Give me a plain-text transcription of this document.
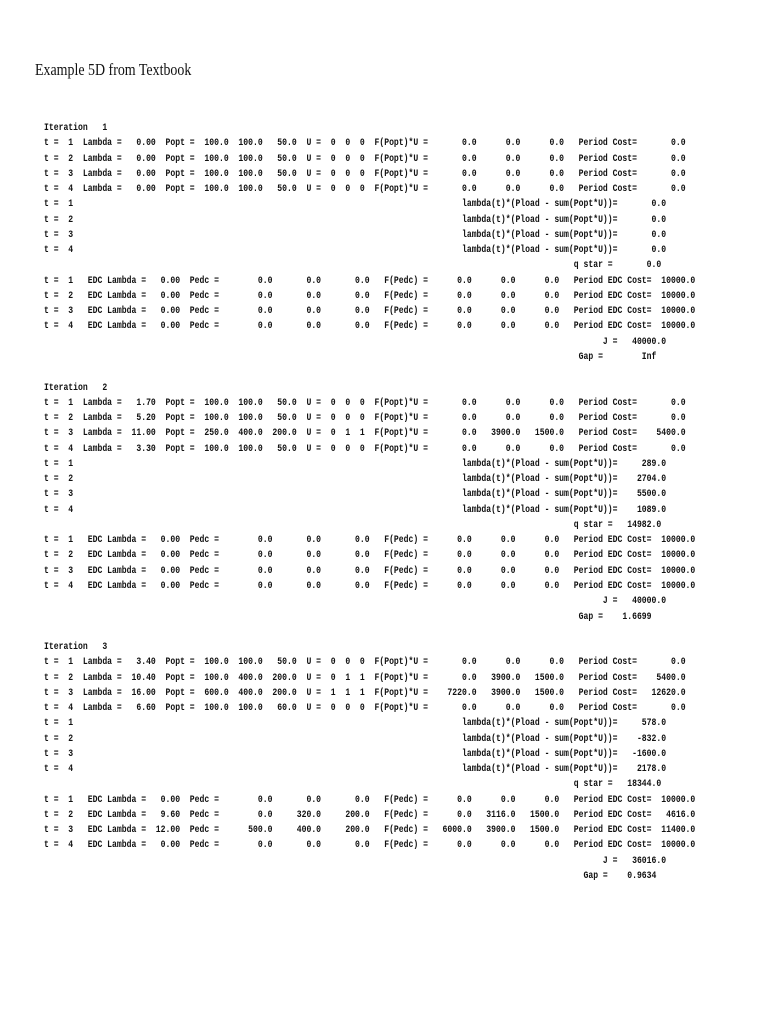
Example 5D from Textbook
Iteration   1
t =  1  Lambda =   0.00  Popt =  100.0  100.0   50.0  U =  0  0  0  F(Popt)*U =       0.0      0.0      0.0   Period Cost=       0.0
t =  2  Lambda =   0.00  Popt =  100.0  100.0   50.0  U =  0  0  0  F(Popt)*U =       0.0      0.0      0.0   Period Cost=       0.0
t =  3  Lambda =   0.00  Popt =  100.0  100.0   50.0  U =  0  0  0  F(Popt)*U =       0.0      0.0      0.0   Period Cost=       0.0
t =  4  Lambda =   0.00  Popt =  100.0  100.0   50.0  U =  0  0  0  F(Popt)*U =       0.0      0.0      0.0   Period Cost=       0.0
t =  1                                                                                lambda(t)*(Pload - sum(Popt*U))=       0.0
t =  2                                                                                lambda(t)*(Pload - sum(Popt*U))=       0.0
t =  3                                                                                lambda(t)*(Pload - sum(Popt*U))=       0.0
t =  4                                                                                lambda(t)*(Pload - sum(Popt*U))=       0.0
q star =       0.0
t =  1   EDC Lambda =   0.00  Pedc =        0.0       0.0       0.0   F(Pedc) =      0.0      0.0      0.0   Period EDC Cost=  10000.0
t =  2   EDC Lambda =   0.00  Pedc =        0.0       0.0       0.0   F(Pedc) =      0.0      0.0      0.0   Period EDC Cost=  10000.0
t =  3   EDC Lambda =   0.00  Pedc =        0.0       0.0       0.0   F(Pedc) =      0.0      0.0      0.0   Period EDC Cost=  10000.0
t =  4   EDC Lambda =   0.00  Pedc =        0.0       0.0       0.0   F(Pedc) =      0.0      0.0      0.0   Period EDC Cost=  10000.0
J =   40000.0
Gap =        Inf
Iteration   2
t =  1  Lambda =   1.70  Popt =  100.0  100.0   50.0  U =  0  0  0  F(Popt)*U =       0.0      0.0      0.0   Period Cost=       0.0
t =  2  Lambda =   5.20  Popt =  100.0  100.0   50.0  U =  0  0  0  F(Popt)*U =       0.0      0.0      0.0   Period Cost=       0.0
t =  3  Lambda =  11.00  Popt =  250.0  400.0  200.0  U =  0  1  1  F(Popt)*U =       0.0   3900.0   1500.0   Period Cost=    5400.0
t =  4  Lambda =   3.30  Popt =  100.0  100.0   50.0  U =  0  0  0  F(Popt)*U =       0.0      0.0      0.0   Period Cost=       0.0
t =  1                                                                                lambda(t)*(Pload - sum(Popt*U))=     289.0
t =  2                                                                                lambda(t)*(Pload - sum(Popt*U))=    2704.0
t =  3                                                                                lambda(t)*(Pload - sum(Popt*U))=    5500.0
t =  4                                                                                lambda(t)*(Pload - sum(Popt*U))=    1089.0
q star =   14982.0
t =  1   EDC Lambda =   0.00  Pedc =        0.0       0.0       0.0   F(Pedc) =      0.0      0.0      0.0   Period EDC Cost=  10000.0
t =  2   EDC Lambda =   0.00  Pedc =        0.0       0.0       0.0   F(Pedc) =      0.0      0.0      0.0   Period EDC Cost=  10000.0
t =  3   EDC Lambda =   0.00  Pedc =        0.0       0.0       0.0   F(Pedc) =      0.0      0.0      0.0   Period EDC Cost=  10000.0
t =  4   EDC Lambda =   0.00  Pedc =        0.0       0.0       0.0   F(Pedc) =      0.0      0.0      0.0   Period EDC Cost=  10000.0
J =   40000.0
Gap =    1.6699
Iteration   3
t =  1  Lambda =   3.40  Popt =  100.0  100.0   50.0  U =  0  0  0  F(Popt)*U =       0.0      0.0      0.0   Period Cost=       0.0
t =  2  Lambda =  10.40  Popt =  100.0  400.0  200.0  U =  0  1  1  F(Popt)*U =       0.0   3900.0   1500.0   Period Cost=    5400.0
t =  3  Lambda =  16.00  Popt =  600.0  400.0  200.0  U =  1  1  1  F(Popt)*U =    7220.0   3900.0   1500.0   Period Cost=   12620.0
t =  4  Lambda =   6.60  Popt =  100.0  100.0   60.0  U =  0  0  0  F(Popt)*U =       0.0      0.0      0.0   Period Cost=       0.0
t =  1                                                                                lambda(t)*(Pload - sum(Popt*U))=     578.0
t =  2                                                                                lambda(t)*(Pload - sum(Popt*U))=    -832.0
t =  3                                                                                lambda(t)*(Pload - sum(Popt*U))=   -1600.0
t =  4                                                                                lambda(t)*(Pload - sum(Popt*U))=    2178.0
q star =   18344.0
t =  1   EDC Lambda =   0.00  Pedc =        0.0       0.0       0.0   F(Pedc) =      0.0      0.0      0.0   Period EDC Cost=  10000.0
t =  2   EDC Lambda =   9.60  Pedc =        0.0     320.0     200.0   F(Pedc) =      0.0   3116.0   1500.0   Period EDC Cost=   4616.0
t =  3   EDC Lambda =  12.00  Pedc =      500.0     400.0     200.0   F(Pedc) =   6000.0   3900.0   1500.0   Period EDC Cost=  11400.0
t =  4   EDC Lambda =   0.00  Pedc =        0.0       0.0       0.0   F(Pedc) =      0.0      0.0      0.0   Period EDC Cost=  10000.0
J =   36016.0
Gap =    0.9634
